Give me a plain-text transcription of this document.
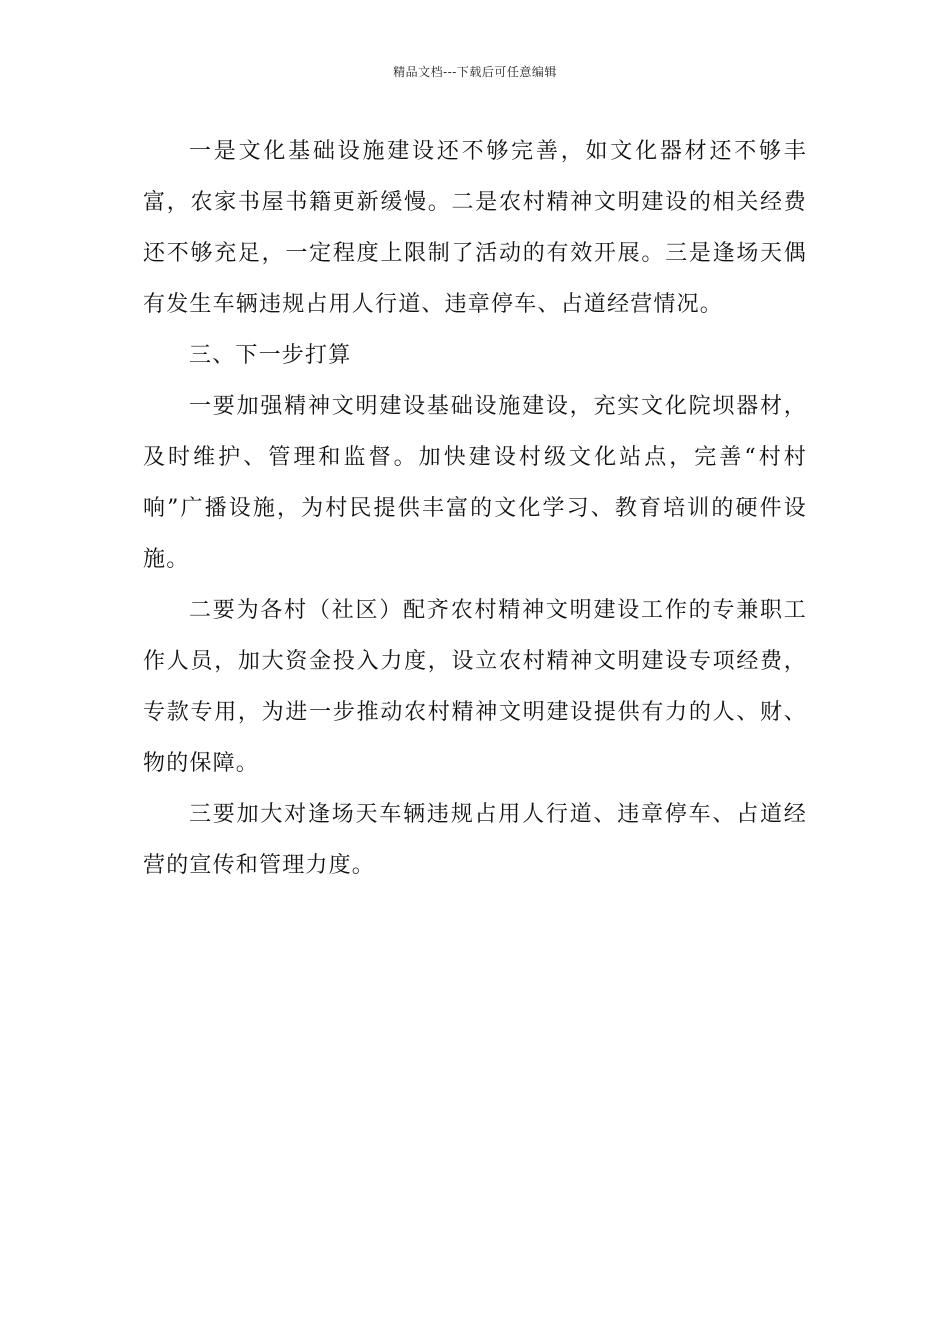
精品文档---下载后可任意编辑

一是文化基础设施建设还不够完善，如文化器材还不够丰富，农家书屋书籍更新缓慢。二是农村精神文明建设的相关经费还不够充足，一定程度上限制了活动的有效开展。三是逢场天偶有发生车辆违规占用人行道、违章停车、占道经营情况。

三、下一步打算

一要加强精神文明建设基础设施建设，充实文化院坝器材，及时维护、管理和监督。加快建设村级文化站点，完善“村村响”广播设施，为村民提供丰富的文化学习、教育培训的硬件设施。

二要为各村（社区）配齐农村精神文明建设工作的专兼职工作人员，加大资金投入力度，设立农村精神文明建设专项经费，专款专用，为进一步推动农村精神文明建设提供有力的人、财、物的保障。

三要加大对逢场天车辆违规占用人行道、违章停车、占道经营的宣传和管理力度。
